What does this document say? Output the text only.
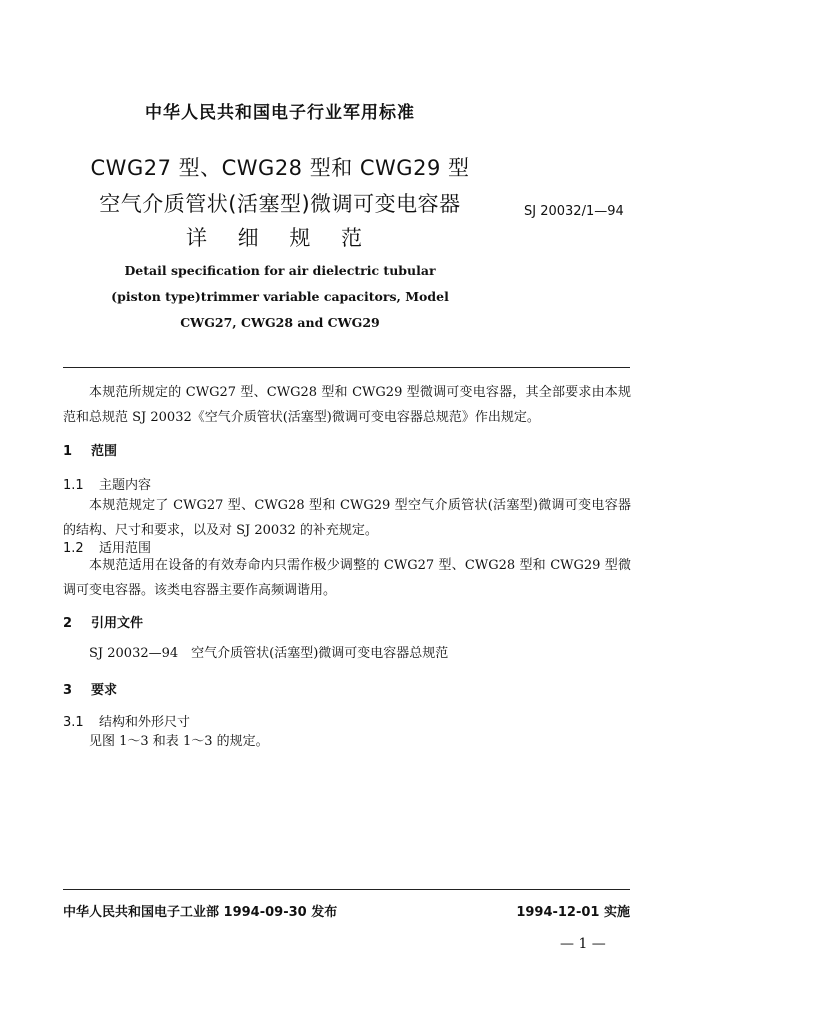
中华人民共和国电子行业军用标准
CWG27 型、CWG28 型和 CWG29 型
空气介质管状(活塞型)微调可变电容器
详 细 规 范
SJ 20032/1—94
Detail specification for air dielectric tubular
(piston type)trimmer variable capacitors, Model
CWG27, CWG28 and CWG29
本规范所规定的 CWG27 型、CWG28 型和 CWG29 型微调可变电容器，其全部要求由本规范和总规范 SJ 20032《空气介质管状(活塞型)微调可变电容器总规范》作出规定。
1 范围
1.1 主题内容
本规范规定了 CWG27 型、CWG28 型和 CWG29 型空气介质管状(活塞型)微调可变电容器的结构、尺寸和要求，以及对 SJ 20032 的补充规定。
1.2 适用范围
本规范适用在设备的有效寿命内只需作极少调整的 CWG27 型、CWG28 型和 CWG29 型微调可变电容器。该类电容器主要作高频调谐用。
2 引用文件
SJ 20032—94　空气介质管状(活塞型)微调可变电容器总规范
3 要求
3.1 结构和外形尺寸
见图 1～3 和表 1～3 的规定。
中华人民共和国电子工业部 1994-09-30 发布	1994-12-01 实施
— 1 —
